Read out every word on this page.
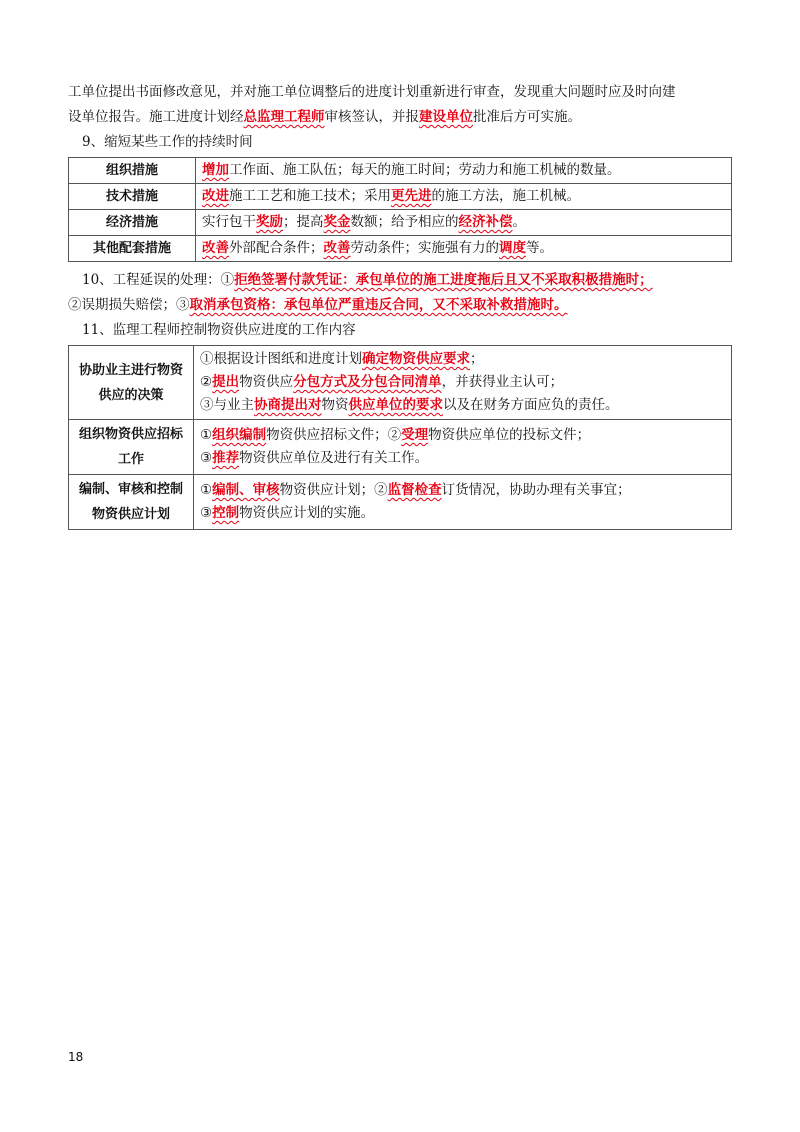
工单位提出书面修改意见，并对施工单位调整后的进度计划重新进行审查，发现重大问题时应及时向建
设单位报告。施工进度计划经总监理工程师审核签认，并报建设单位批准后方可实施。

9、缩短某些工作的持续时间

组织措施	增加工作面、施工队伍；每天的施工时间；劳动力和施工机械的数量。
技术措施	改进施工工艺和施工技术；采用更先进的施工方法，施工机械。
经济措施	实行包干奖励；提高奖金数额；给予相应的经济补偿。
其他配套措施	改善外部配合条件；改善劳动条件；实施强有力的调度等。

10、工程延误的处理：①拒绝签署付款凭证：承包单位的施工进度拖后且又不采取积极措施时；
②误期损失赔偿；③取消承包资格：承包单位严重违反合同，又不采取补救措施时。

11、监理工程师控制物资供应进度的工作内容

协助业主进行物资供应的决策	①根据设计图纸和进度计划确定物资供应要求；
②提出物资供应分包方式及分包合同清单，并获得业主认可；
③与业主协商提出对物资供应单位的要求以及在财务方面应负的责任。

组织物资供应招标工作	①组织编制物资供应招标文件；②受理物资供应单位的投标文件；
③推荐物资供应单位及进行有关工作。

编制、审核和控制物资供应计划	①编制、审核物资供应计划；②监督检查订货情况，协助办理有关事宜；
③控制物资供应计划的实施。
18
